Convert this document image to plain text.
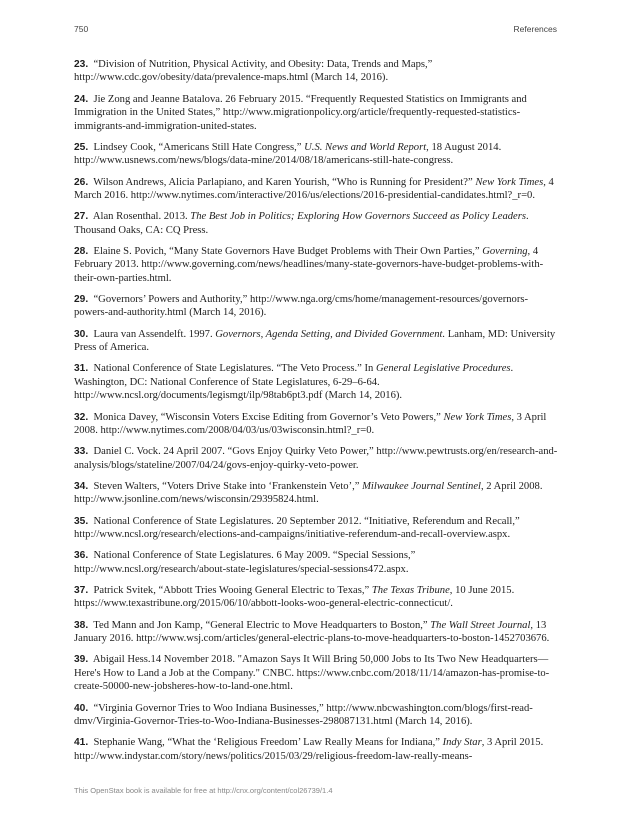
750	References

23. “Division of Nutrition, Physical Activity, and Obesity: Data, Trends and Maps,” http://www.cdc.gov/obesity/data/prevalence-maps.html (March 14, 2016).

24. Jie Zong and Jeanne Batalova. 26 February 2015. “Frequently Requested Statistics on Immigrants and Immigration in the United States,” http://www.migrationpolicy.org/article/frequently-requested-statistics-immigrants-and-immigration-united-states.

25. Lindsey Cook, “Americans Still Hate Congress,” U.S. News and World Report, 18 August 2014. http://www.usnews.com/news/blogs/data-mine/2014/08/18/americans-still-hate-congress.

26. Wilson Andrews, Alicia Parlapiano, and Karen Yourish, “Who is Running for President?” New York Times, 4 March 2016. http://www.nytimes.com/interactive/2016/us/elections/2016-presidential-candidates.html?_r=0.

27. Alan Rosenthal. 2013. The Best Job in Politics; Exploring How Governors Succeed as Policy Leaders. Thousand Oaks, CA: CQ Press.

28. Elaine S. Povich, “Many State Governors Have Budget Problems with Their Own Parties,” Governing, 4 February 2013. http://www.governing.com/news/headlines/many-state-governors-have-budget-problems-with-their-own-parties.html.

29. “Governors’ Powers and Authority,” http://www.nga.org/cms/home/management-resources/governors-powers-and-authority.html (March 14, 2016).

30. Laura van Assendelft. 1997. Governors, Agenda Setting, and Divided Government. Lanham, MD: University Press of America.

31. National Conference of State Legislatures. “The Veto Process.” In General Legislative Procedures. Washington, DC: National Conference of State Legislatures, 6-29–6-64. http://www.ncsl.org/documents/legismgt/ilp/98tab6pt3.pdf (March 14, 2016).

32. Monica Davey, “Wisconsin Voters Excise Editing from Governor’s Veto Powers,” New York Times, 3 April 2008. http://www.nytimes.com/2008/04/03/us/03wisconsin.html?_r=0.

33. Daniel C. Vock. 24 April 2007. “Govs Enjoy Quirky Veto Power,” http://www.pewtrusts.org/en/research-and-analysis/blogs/stateline/2007/04/24/govs-enjoy-quirky-veto-power.

34. Steven Walters, “Voters Drive Stake into ‘Frankenstein Veto’,” Milwaukee Journal Sentinel, 2 April 2008. http://www.jsonline.com/news/wisconsin/29395824.html.

35. National Conference of State Legislatures. 20 September 2012. “Initiative, Referendum and Recall,” http://www.ncsl.org/research/elections-and-campaigns/initiative-referendum-and-recall-overview.aspx.

36. National Conference of State Legislatures. 6 May 2009. “Special Sessions,” http://www.ncsl.org/research/about-state-legislatures/special-sessions472.aspx.

37. Patrick Svitek, “Abbott Tries Wooing General Electric to Texas,” The Texas Tribune, 10 June 2015. https://www.texastribune.org/2015/06/10/abbott-looks-woo-general-electric-connecticut/.

38. Ted Mann and Jon Kamp, “General Electric to Move Headquarters to Boston,” The Wall Street Journal, 13 January 2016. http://www.wsj.com/articles/general-electric-plans-to-move-headquarters-to-boston-1452703676.

39. Abigail Hess.14 November 2018. "Amazon Says It Will Bring 50,000 Jobs to Its Two New Headquarters—Here's How to Land a Job at the Company." CNBC. https://www.cnbc.com/2018/11/14/amazon-has-promise-to-create-50000-new-jobsheres-how-to-land-one.html.

40. “Virginia Governor Tries to Woo Indiana Businesses,” http://www.nbcwashington.com/blogs/first-read-dmv/Virginia-Governor-Tries-to-Woo-Indiana-Businesses-298087131.html (March 14, 2016).

41. Stephanie Wang, “What the ‘Religious Freedom’ Law Really Means for Indiana,” Indy Star, 3 April 2015. http://www.indystar.com/story/news/politics/2015/03/29/religious-freedom-law-really-means-

This OpenStax book is available for free at http://cnx.org/content/col26739/1.4
